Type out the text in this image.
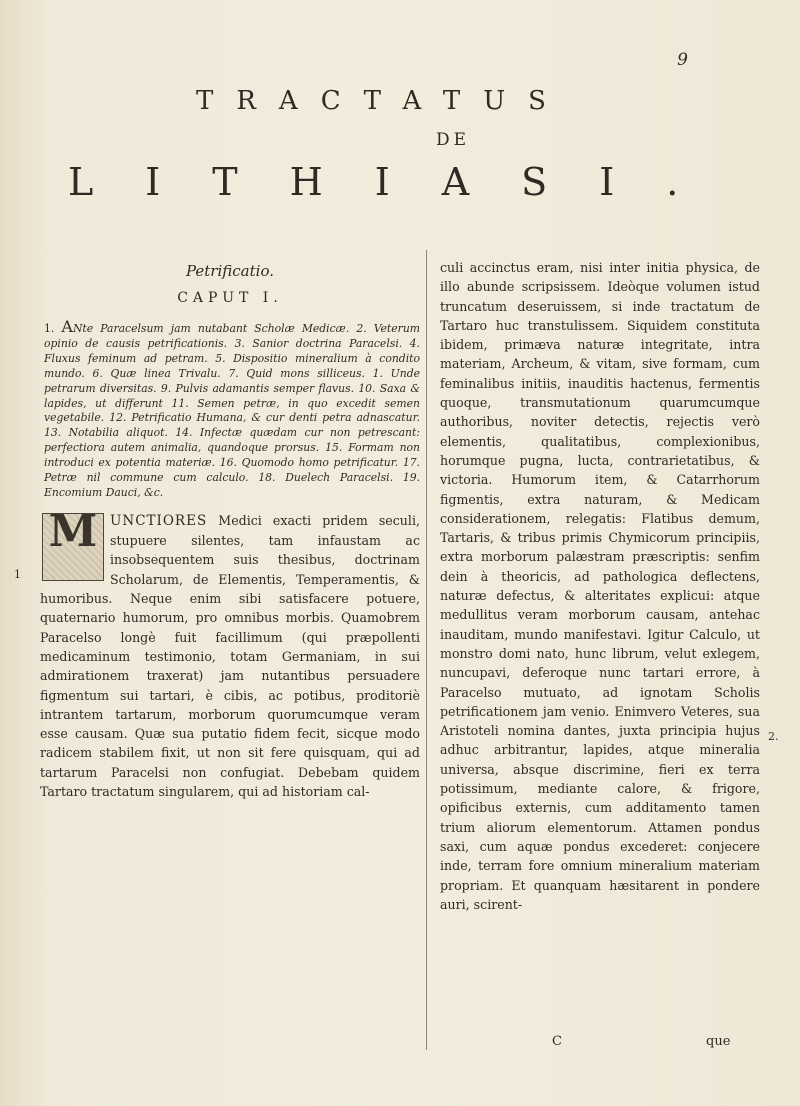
9
TRACTATUS
DE
LITHIASI.
Petrificatio.
CAPUT I.
1. ANte Paracelsum jam nutabant Scholæ Medicæ. 2. Veterum opinio de causis petrificationis. 3. Sanior doctrina Paracelsi. 4. Fluxus feminum ad petram. 5. Dispositio mineralium à condito mundo. 6. Quæ linea Trivalu. 7. Quid mons silliceus. 1. Unde petrarum diversitas. 9. Pulvis adamantis semper flavus. 10. Saxa & lapides, ut differunt 11. Semen petræ, in quo excedit semen vegetabile. 12. Petrificatio Humana, & cur denti petra adnascatur. 13. Notabilia aliquot. 14. Infectæ quædam cur non petrescant: perfectiora autem animalia, quandoque prorsus. 15. Formam non introduci ex potentia materiæ. 16. Quomodo homo petrificatur. 17. Petræ nil commune cum calculo. 18. Duelech Paracelsi. 19. Encomium Dauci, &c.
M UNCTIORES Medici exacti pridem seculi, stupuere silentes, tam infaustam ac insobsequentem suis thesibus, doctrinam Scholarum, de Elementis, Temperamentis, & humoribus. Neque enim sibi satisfacere potuere, quaternario humorum, pro omnibus morbis. Quamobrem Paracelso longè fuit facillimum (qui præpollenti medicaminum testimonio, totam Germaniam, in sui admirationem traxerat) jam nutantibus persuadere figmentum sui tartari, è cibis, ac potibus, proditoriè intrantem tartarum, morborum quorumcumque veram esse causam. Quæ sua putatio fidem fecit, sicque modo radicem stabilem fixit, ut non sit fere quisquam, qui ad tartarum Paracelsi non confugiat. Debebam quidem Tartaro tractatum singularem, qui ad historiam cal-
1
culi accinctus eram, nisi inter initia physica, de illo abunde scripsissem. Ideòque volumen istud truncatum deseruissem, si inde tractatum de Tartaro huc transtulissem. Siquidem constituta ibidem, primæva naturæ integritate, intra materiam, Archeum, & vitam, sive formam, cum feminalibus initiis, inauditis hactenus, fermentis quoque, transmutationum quarumcumque authoribus, noviter detectis, rejectis verò elementis, qualitatibus, complexionibus, horumque pugna, lucta, contrarietatibus, & victoria. Humorum item, & Catarrhorum figmentis, extra naturam, & Medicam considerationem, relegatis: Flatibus demum, Tartaris, & tribus primis Chymicorum principiis, extra morborum palæstram præscriptis: senfim dein à theoricis, ad pathologica deflectens, naturæ defectus, & alteritates explicui: atque medullitus veram morborum causam, antehac inauditam, mundo manifestavi. Igitur Calculo, ut monstro domi nato, hunc librum, velut exlegem, nuncupavi, deferoque nunc tartari errore, à Paracelso mutuato, ad ignotam Scholis petrificationem jam venio. Enimvero Veteres, sua Aristoteli nomina dantes, juxta principia hujus adhuc arbitrantur, lapides, atque mineralia universa, absque discrimine, fieri ex terra potissimum, mediante calore, & frigore, opificibus externis, cum additamento tamen trium aliorum elementorum. Attamen pondus saxi, cum aquæ pondus excederet: conjecere inde, terram fore omnium mineralium materiam propriam. Et quanquam hæsitarent in pondere auri, scirent-
2.
C	que
